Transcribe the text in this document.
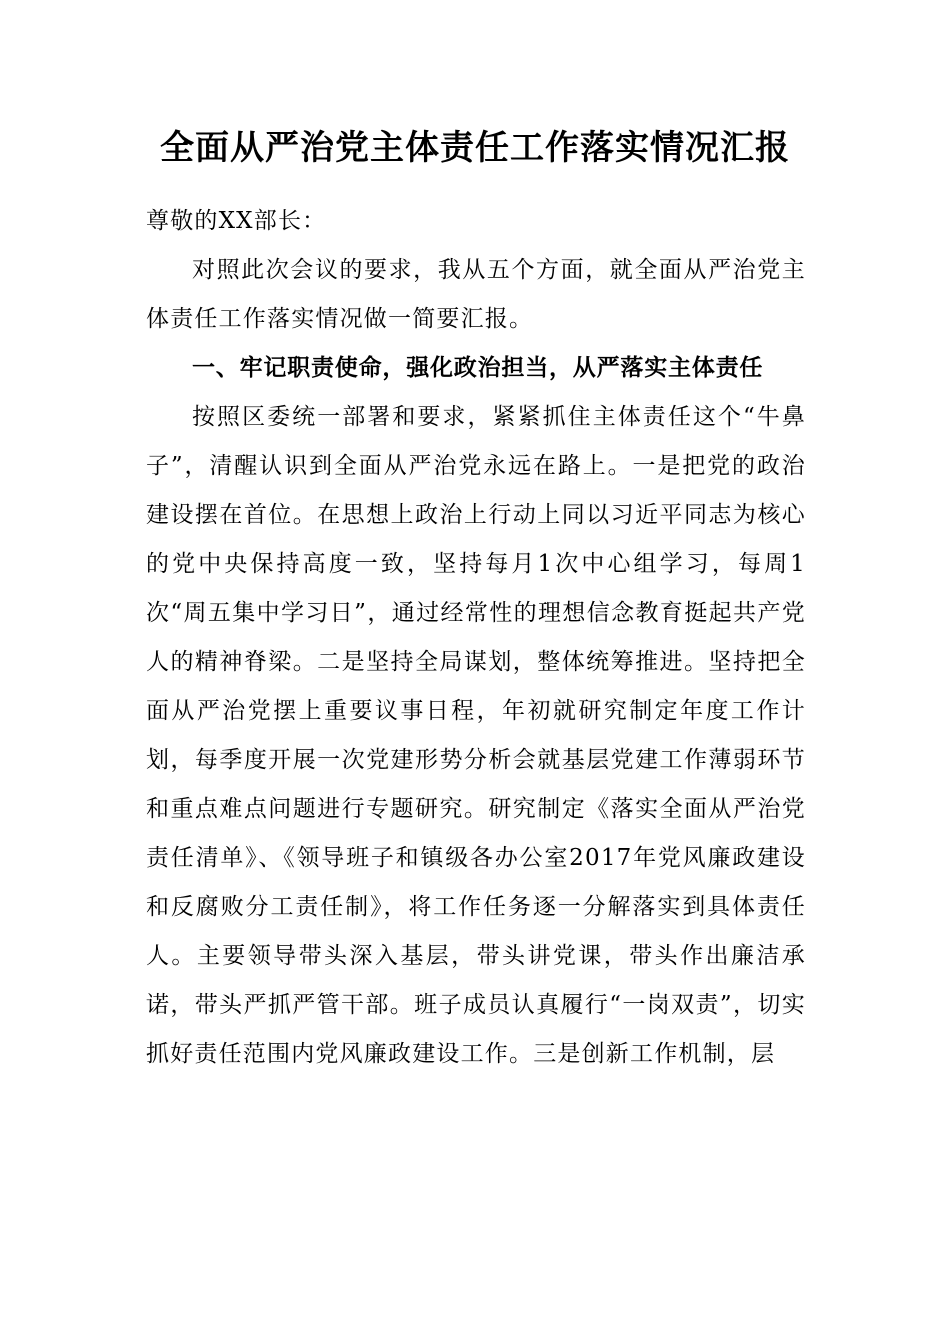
全面从严治党主体责任工作落实情况汇报

尊敬的XX部长：

对照此次会议的要求，我从五个方面，就全面从严治党主体责任工作落实情况做一简要汇报。

一、牢记职责使命，强化政治担当，从严落实主体责任

按照区委统一部署和要求，紧紧抓住主体责任这个“牛鼻子”，清醒认识到全面从严治党永远在路上。一是把党的政治建设摆在首位。在思想上政治上行动上同以习近平同志为核心的党中央保持高度一致，坚持每月1次中心组学习，每周1次“周五集中学习日”，通过经常性的理想信念教育挺起共产党人的精神脊梁。二是坚持全局谋划，整体统筹推进。坚持把全面从严治党摆上重要议事日程，年初就研究制定年度工作计划，每季度开展一次党建形势分析会就基层党建工作薄弱环节和重点难点问题进行专题研究。研究制定《落实全面从严治党责任清单》、《领导班子和镇级各办公室2017年党风廉政建设和反腐败分工责任制》，将工作任务逐一分解落实到具体责任人。主要领导带头深入基层，带头讲党课，带头作出廉洁承诺，带头严抓严管干部。班子成员认真履行“一岗双责”，切实抓好责任范围内党风廉政建设工作。三是创新工作机制，层
